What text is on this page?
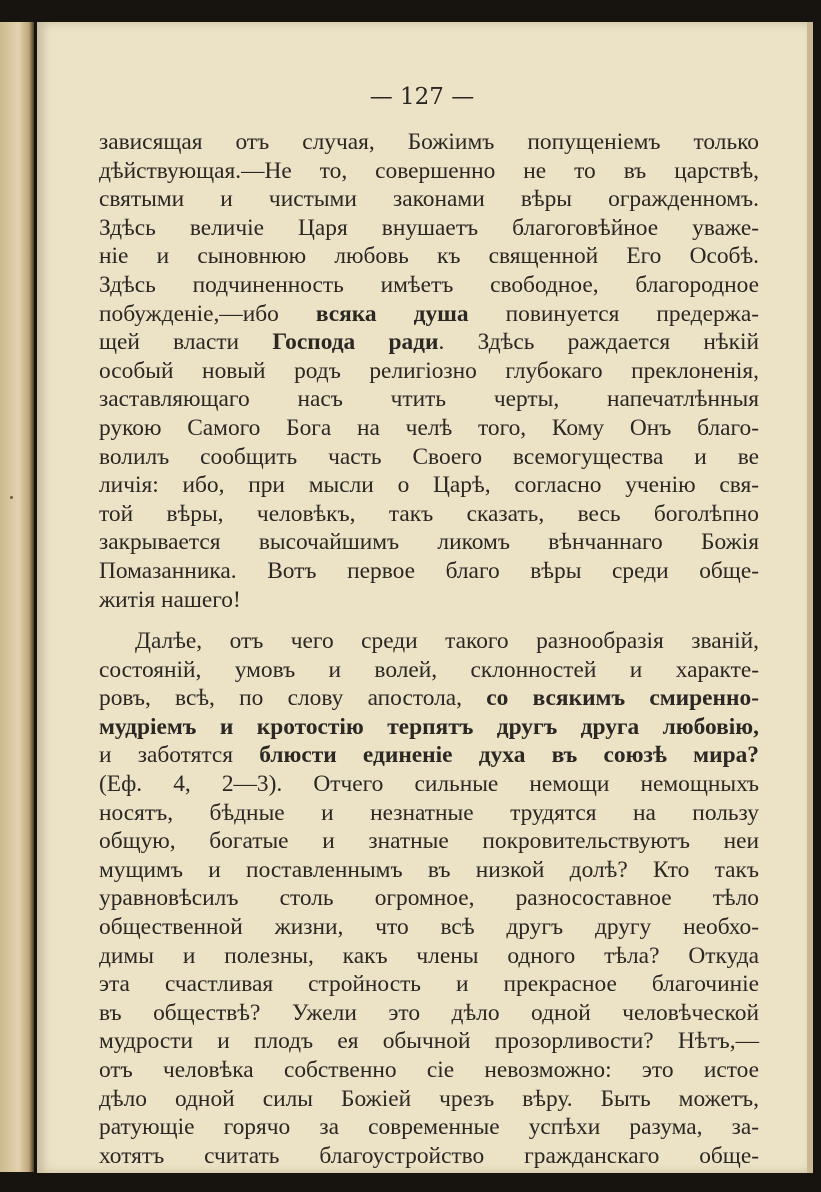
— 127 —
зависящая отъ случая, Божіимъ попущеніемъ только
дѣйствующая.—Не то, совершенно не то въ царствѣ,
святыми и чистыми законами вѣры огражденномъ.
Здѣсь величіе Царя внушаетъ благоговѣйное уваже-
ніе и сыновнюю любовь къ священной Его Особѣ.
Здѣсь подчиненность имѣетъ свободное, благородное
побужденіе,—ибо всяка душа повинуется предержа-
щей власти Господа ради. Здѣсь раждается нѣкій
особый новый родъ религіозно глубокаго преклоненія,
заставляющаго насъ чтить черты, напечатлѣнныя
рукою Самого Бога на челѣ того, Кому Онъ благо-
волилъ сообщить часть Своего всемогущества и ве
личія: ибо, при мысли о Царѣ, согласно ученію свя-
той вѣры, человѣкъ, такъ сказать, весь боголѣпно
закрывается высочайшимъ ликомъ вѣнчаннаго Божія
Помазанника. Вотъ первое благо вѣры среди обще-
житія нашего!
Далѣе, отъ чего среди такого разнообразія званій,
состояній, умовъ и волей, склонностей и характе-
ровъ, всѣ, по слову апостола, со всякимъ смиренно-
мудріемъ и кротостію терпятъ другъ друга любовію,
и заботятся блюсти единеніе духа въ союзѣ мира?
(Еф. 4, 2—3). Отчего сильные немощи немощныхъ
носятъ, бѣдные и незнатные трудятся на пользу
общую, богатые и знатные покровительствуютъ неи
мущимъ и поставленнымъ въ низкой долѣ? Кто такъ
уравновѣсилъ столь огромное, разносоставное тѣло
общественной жизни, что всѣ другъ другу необхо-
димы и полезны, какъ члены одного тѣла? Откуда
эта счастливая стройность и прекрасное благочиніе
въ обществѣ? Ужели это дѣло одной человѣческой
мудрости и плодъ ея обычной прозорливости? Нѣтъ,—
отъ человѣка собственно сіе невозможно: это истое
дѣло одной силы Божіей чрезъ вѣру. Быть можетъ,
ратующіе горячо за современные успѣхи разума, за-
хотятъ считать благоустройство гражданскаго обще-
